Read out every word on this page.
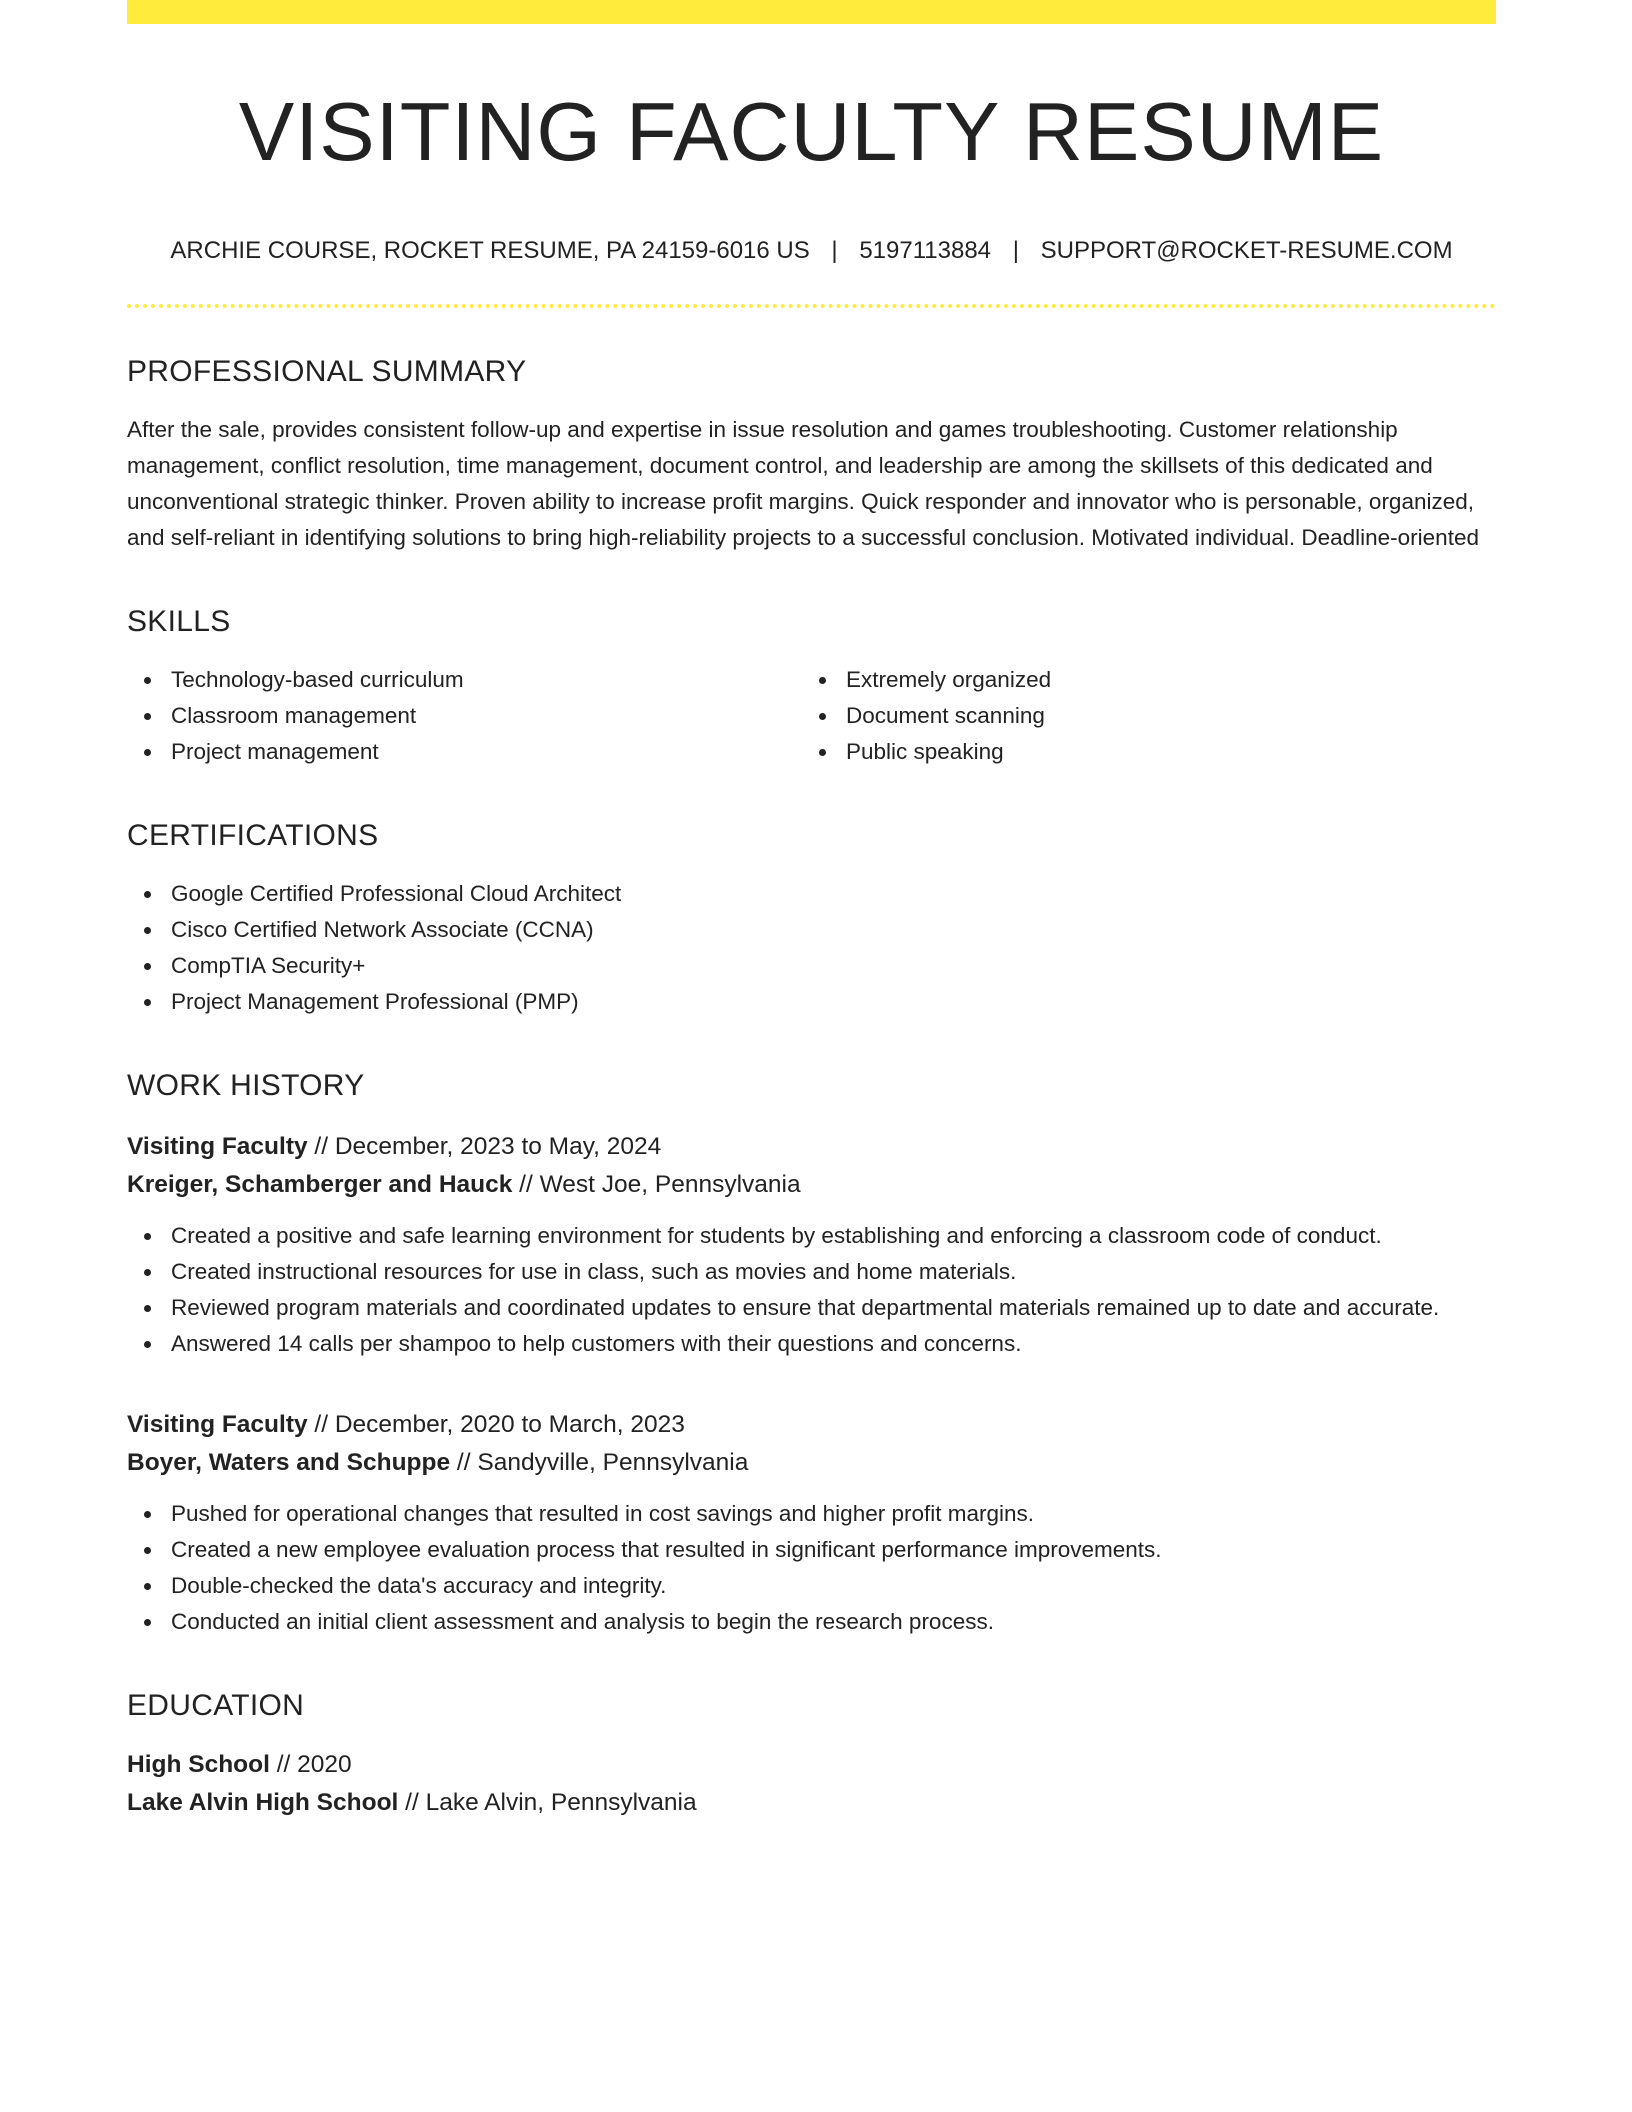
VISITING FACULTY RESUME
ARCHIE COURSE, ROCKET RESUME, PA 24159-6016 US | 5197113884 | SUPPORT@ROCKET-RESUME.COM
PROFESSIONAL SUMMARY

After the sale, provides consistent follow-up and expertise in issue resolution and games troubleshooting. Customer relationship management, conflict resolution, time management, document control, and leadership are among the skillsets of this dedicated and unconventional strategic thinker. Proven ability to increase profit margins. Quick responder and innovator who is personable, organized, and self-reliant in identifying solutions to bring high-reliability projects to a successful conclusion. Motivated individual. Deadline-oriented

SKILLS
Technology-based curriculum
Classroom management
Project management
Extremely organized
Document scanning
Public speaking
CERTIFICATIONS
Google Certified Professional Cloud Architect
Cisco Certified Network Associate (CCNA)
CompTIA Security+
Project Management Professional (PMP)
WORK HISTORY
Visiting Faculty // December, 2023 to May, 2024
Kreiger, Schamberger and Hauck // West Joe, Pennsylvania
Created a positive and safe learning environment for students by establishing and enforcing a classroom code of conduct.
Created instructional resources for use in class, such as movies and home materials.
Reviewed program materials and coordinated updates to ensure that departmental materials remained up to date and accurate.
Answered 14 calls per shampoo to help customers with their questions and concerns.
Visiting Faculty // December, 2020 to March, 2023
Boyer, Waters and Schuppe // Sandyville, Pennsylvania
Pushed for operational changes that resulted in cost savings and higher profit margins.
Created a new employee evaluation process that resulted in significant performance improvements.
Double-checked the data's accuracy and integrity.
Conducted an initial client assessment and analysis to begin the research process.
EDUCATION
High School // 2020
Lake Alvin High School // Lake Alvin, Pennsylvania
